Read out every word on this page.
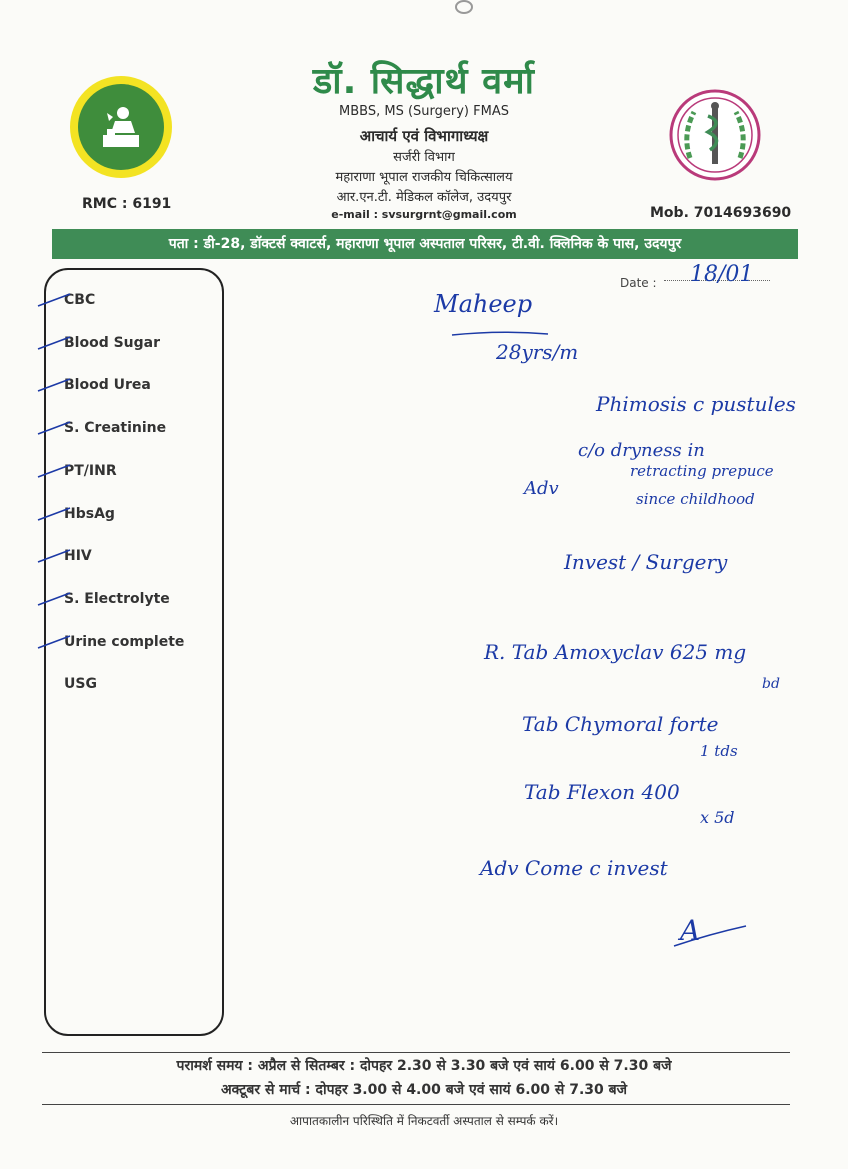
डॉ. सिद्धार्थ वर्मा
MBBS, MS (Surgery) FMAS
आचार्य एवं विभागाध्यक्ष
सर्जरी विभाग
महाराणा भूपाल राजकीय चिकित्सालय
आर.एन.टी. मेडिकल कॉलेज, उदयपुर
e-mail : svsurgrnt@gmail.com
RMC : 6191
Mob. 7014693690
पता : डी-28, डॉक्टर्स क्वाटर्स, महाराणा भूपाल अस्पताल परिसर, टी.वी. क्लिनिक के पास, उदयपुर
CBC
Blood Sugar
Blood Urea
S. Creatinine
PT/INR
HbsAg
HIV
S. Electrolyte
Urine complete
USG
Date : 18/01
Maheep
28yrs/m
Phimosis c pustules
c/o dryness in
retracting prepuce
since childhood
Adv
Invest / Surgery
R. Tab Amoxyclav 625 mg
bd
Tab Chymoral forte
1 tds
Tab Flexon 400
x 5d
Adv Come c invest
A
परामर्श समय : अप्रैल से सितम्बर : दोपहर 2.30 से 3.30 बजे एवं सायं 6.00 से 7.30 बजे
अक्टूबर से मार्च : दोपहर 3.00 से 4.00 बजे एवं सायं 6.00 से 7.30 बजे
आपातकालीन परिस्थिति में निकटवर्ती अस्पताल से सम्पर्क करें।
